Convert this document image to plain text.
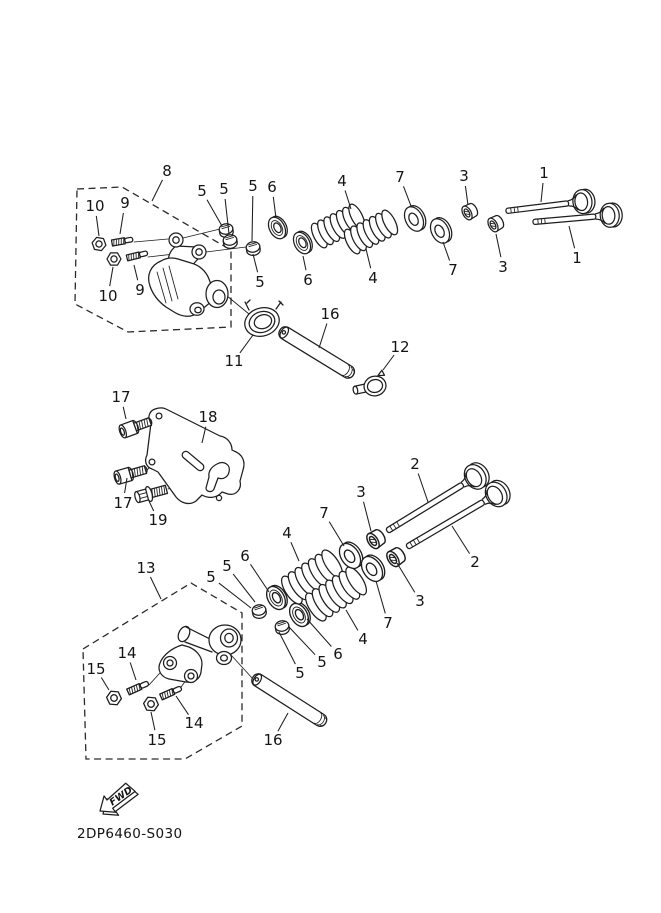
FWD
2DP6460-S030
8
10 9
5 5 5 6	4	7	3	1
10 9	5	6	4	7	3	1
16
12
11
17
18
17
19
2
3
7
4
13
6
5
5
2
3
7
4
6
5
5
14
15
15
14
16
